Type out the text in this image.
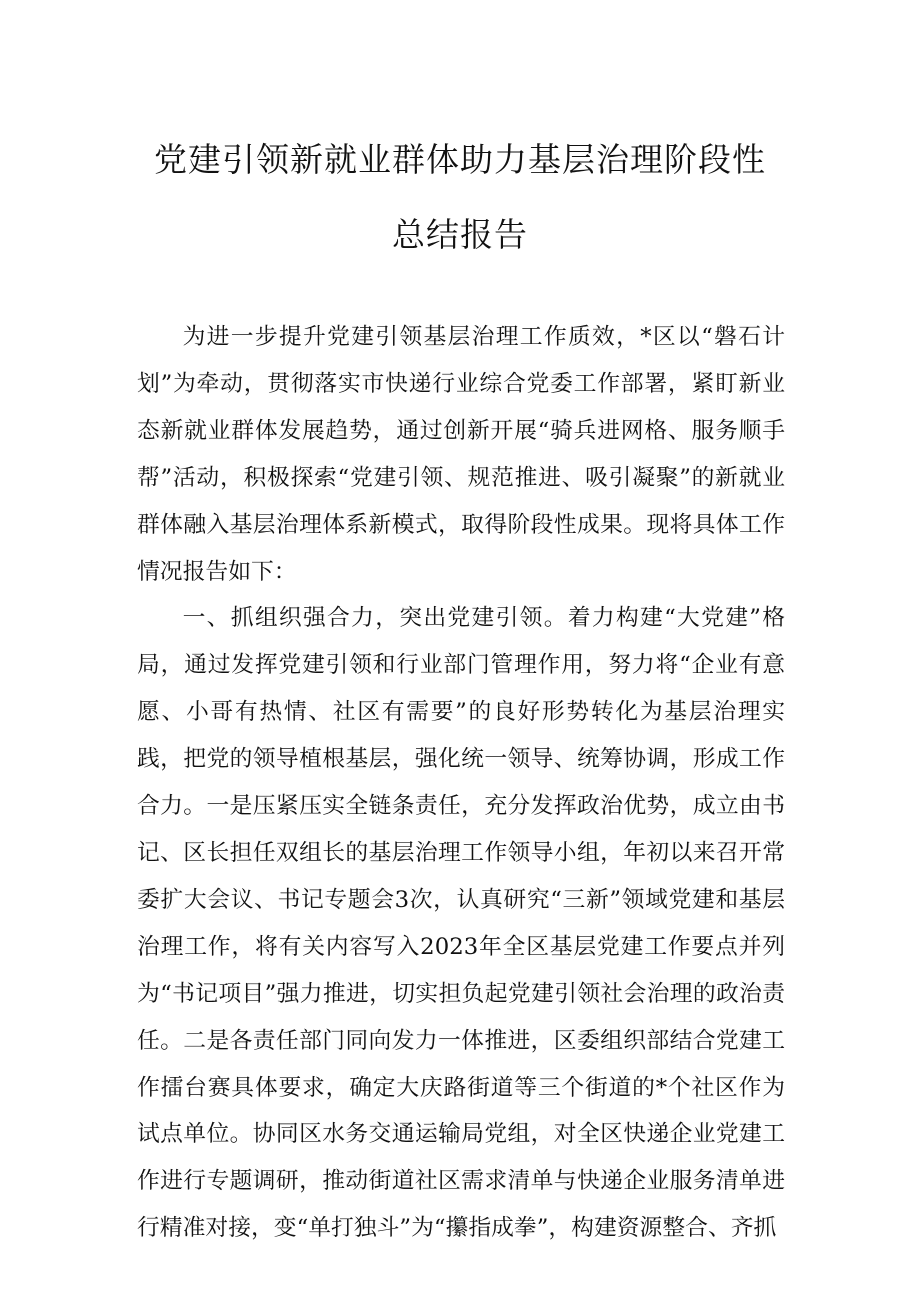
党建引领新就业群体助力基层治理阶段性
总结报告

为进一步提升党建引领基层治理工作质效，*区以“磐石计划”为牵动，贯彻落实市快递行业综合党委工作部署，紧盯新业态新就业群体发展趋势，通过创新开展“骑兵进网格、服务顺手帮”活动，积极探索“党建引领、规范推进、吸引凝聚”的新就业群体融入基层治理体系新模式，取得阶段性成果。现将具体工作情况报告如下：

一、抓组织强合力，突出党建引领。着力构建“大党建”格局，通过发挥党建引领和行业部门管理作用，努力将“企业有意愿、小哥有热情、社区有需要”的良好形势转化为基层治理实践，把党的领导植根基层，强化统一领导、统筹协调，形成工作合力。一是压紧压实全链条责任，充分发挥政治优势，成立由书记、区长担任双组长的基层治理工作领导小组，年初以来召开常委扩大会议、书记专题会3次，认真研究“三新”领域党建和基层治理工作，将有关内容写入2023年全区基层党建工作要点并列为“书记项目”强力推进，切实担负起党建引领社会治理的政治责任。二是各责任部门同向发力一体推进，区委组织部结合党建工作擂台赛具体要求，确定大庆路街道等三个街道的*个社区作为试点单位。协同区水务交通运输局党组，对全区快递企业党建工作进行专题调研，推动街道社区需求清单与快递企业服务清单进行精准对接，变“单打独斗”为“攥指成拳”，构建资源整合、齐抓
